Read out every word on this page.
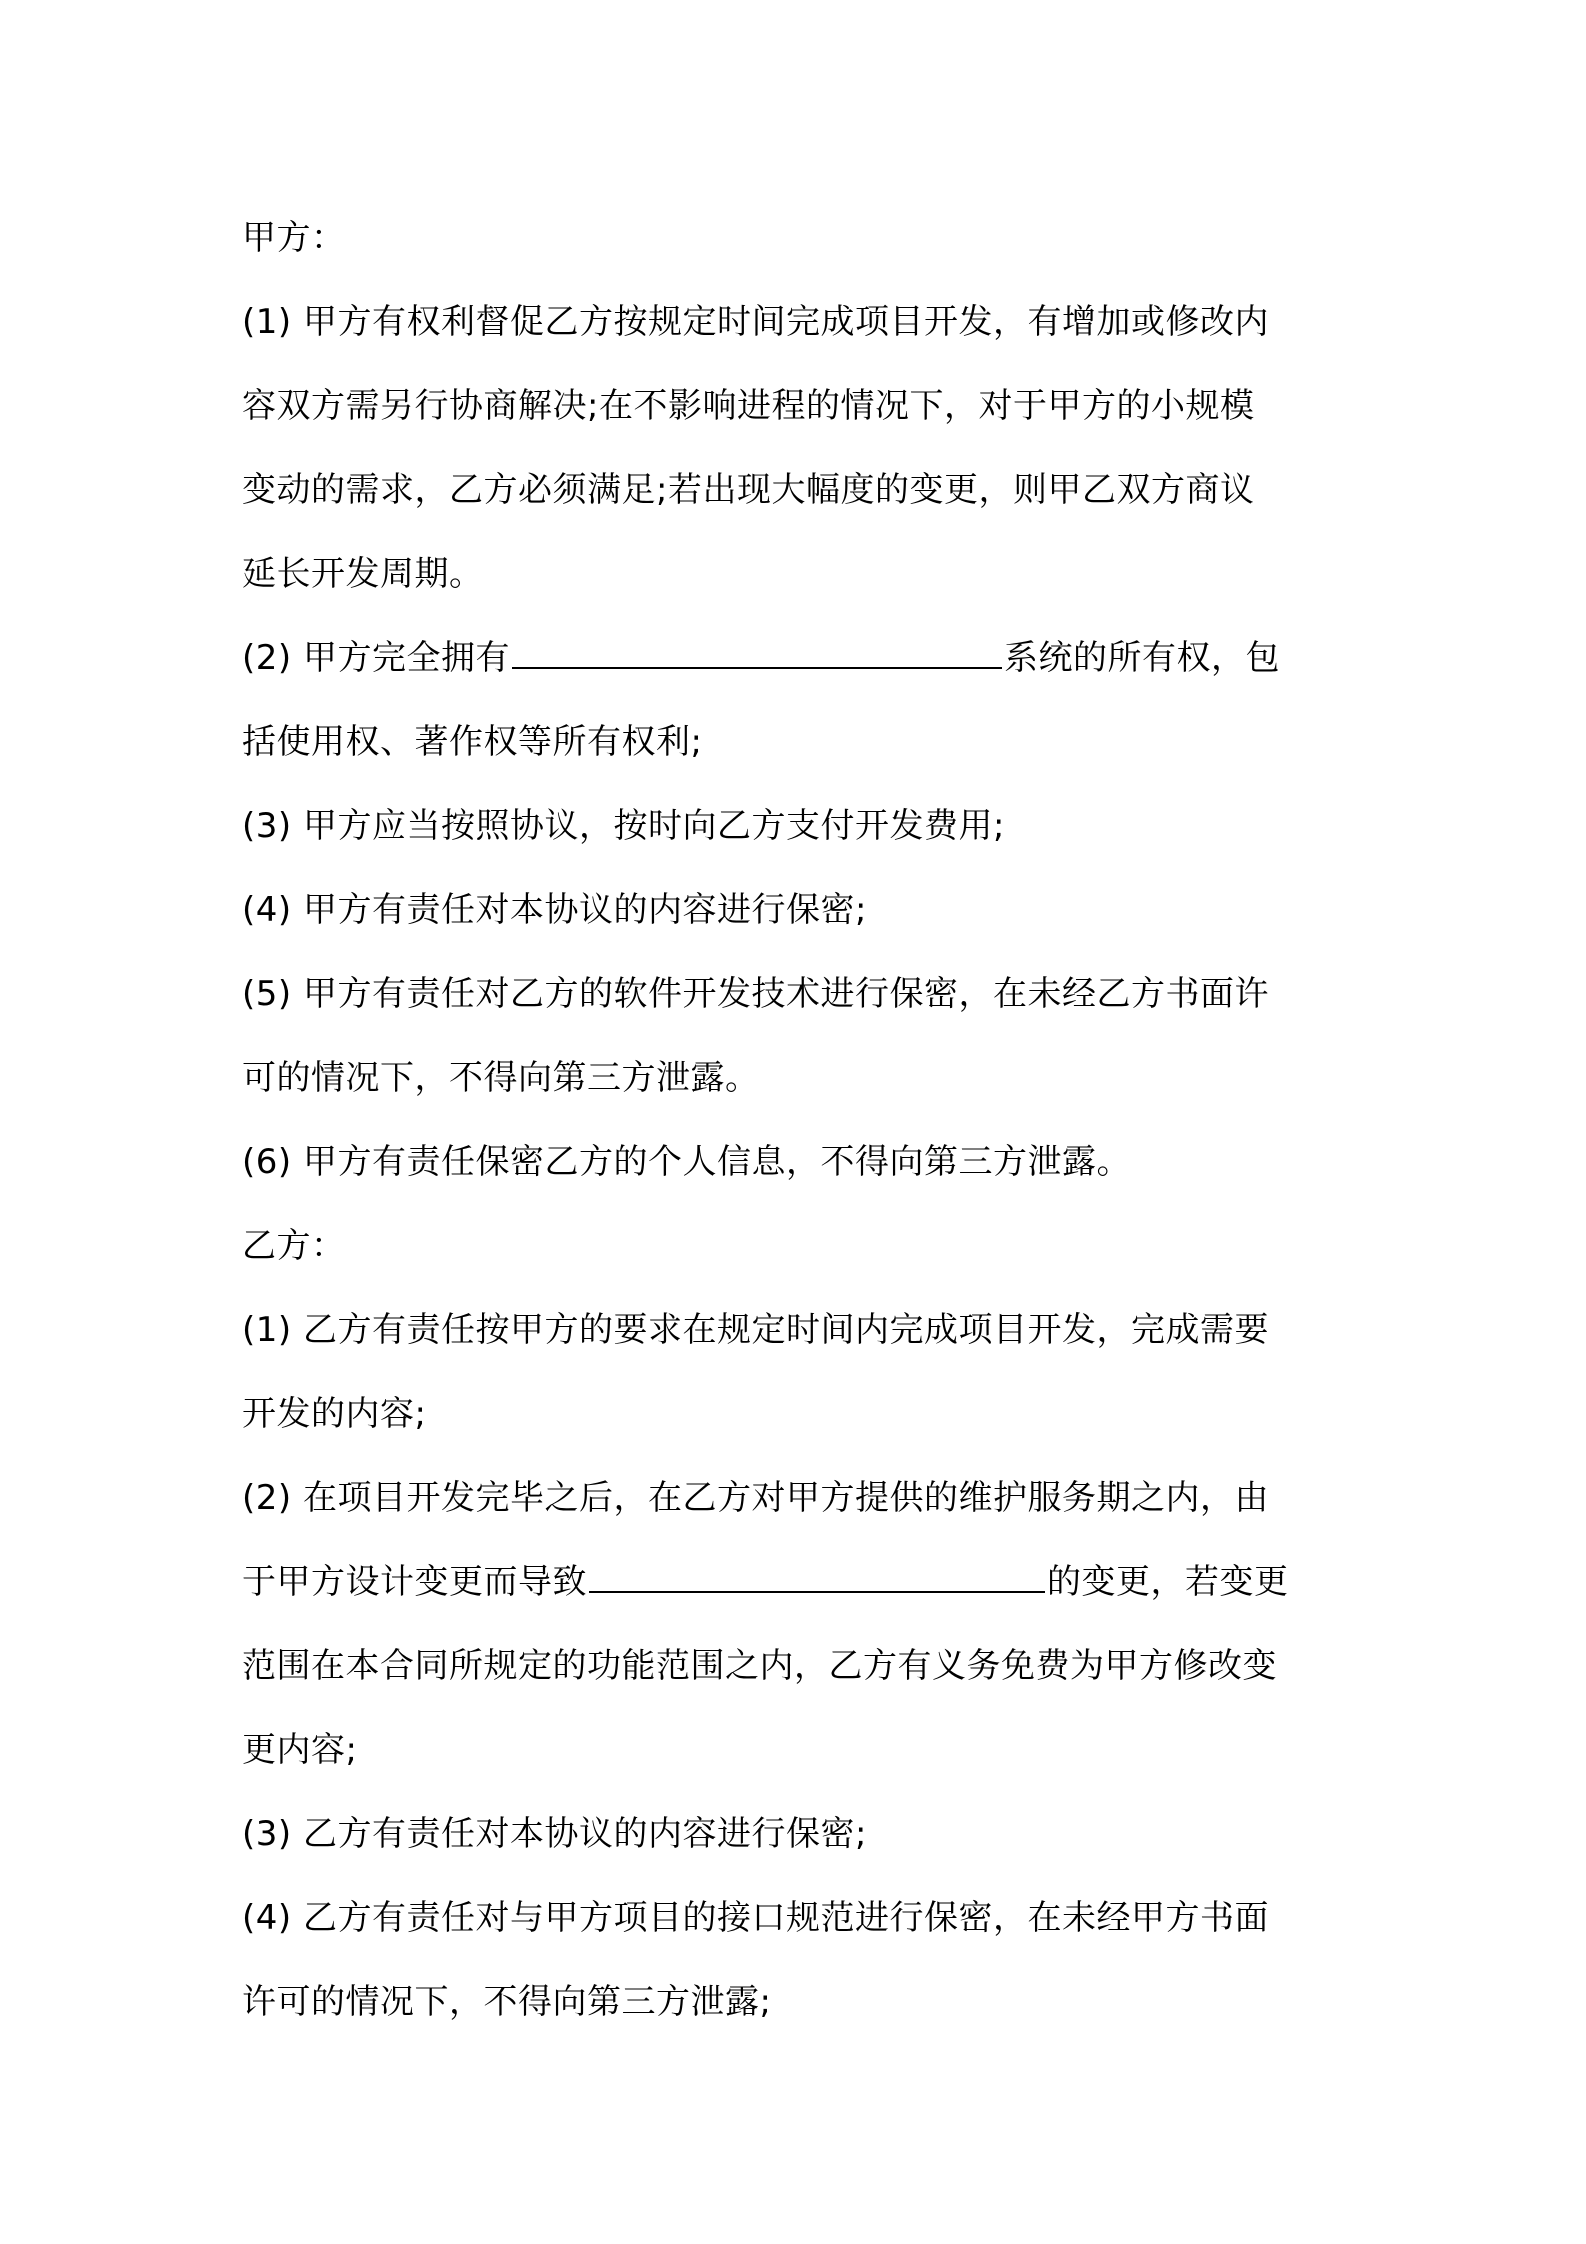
甲方：
(1) 甲方有权利督促乙方按规定时间完成项目开发，有增加或修改内
容双方需另行协商解决;在不影响进程的情况下，对于甲方的小规模
变动的需求，乙方必须满足;若出现大幅度的变更，则甲乙双方商议
延长开发周期。
(2) 甲方完全拥有	系统的所有权，包
括使用权、著作权等所有权利;
(3) 甲方应当按照协议，按时向乙方支付开发费用;
(4) 甲方有责任对本协议的内容进行保密;
(5) 甲方有责任对乙方的软件开发技术进行保密，在未经乙方书面许
可的情况下，不得向第三方泄露。
(6) 甲方有责任保密乙方的个人信息，不得向第三方泄露。
乙方：
(1) 乙方有责任按甲方的要求在规定时间内完成项目开发，完成需要
开发的内容;
(2) 在项目开发完毕之后，在乙方对甲方提供的维护服务期之内，由
于甲方设计变更而导致	的变更，若变更
范围在本合同所规定的功能范围之内，乙方有义务免费为甲方修改变
更内容;
(3) 乙方有责任对本协议的内容进行保密;
(4) 乙方有责任对与甲方项目的接口规范进行保密，在未经甲方书面
许可的情况下，不得向第三方泄露;
